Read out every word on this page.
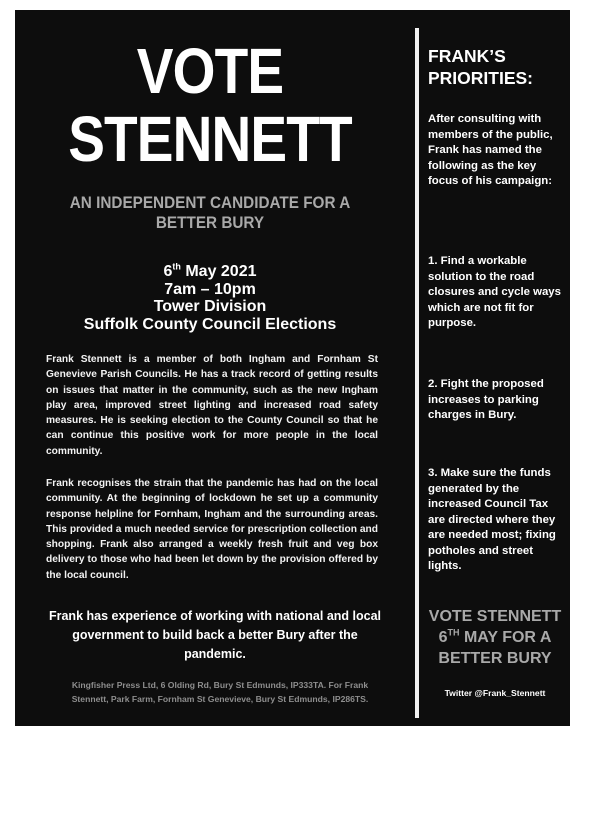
VOTE
STENNETT
AN INDEPENDENT CANDIDATE FOR A BETTER BURY
6th May 2021
7am – 10pm
Tower Division
Suffolk County Council Elections
Frank Stennett is a member of both Ingham and Fornham St Genevieve Parish Councils. He has a track record of getting results on issues that matter in the community, such as the new Ingham play area, improved street lighting and increased road safety measures. He is seeking election to the County Council so that he can continue this positive work for more people in the local community.
Frank recognises the strain that the pandemic has had on the local community. At the beginning of lockdown he set up a community response helpline for Fornham, Ingham and the surrounding areas. This provided a much needed service for prescription collection and shopping. Frank also arranged a weekly fresh fruit and veg box delivery to those who had been let down by the provision offered by the local council.
Frank has experience of working with national and local government to build back a better Bury after the pandemic.
Kingfisher Press Ltd, 6 Olding Rd, Bury St Edmunds, IP333TA. For Frank Stennett, Park Farm, Fornham St Genevieve, Bury St Edmunds, IP286TS.
FRANK’S PRIORITIES:
After consulting with members of the public, Frank has named the following as the key focus of his campaign:
1. Find a workable solution to the road closures and cycle ways which are not fit for purpose.
2. Fight the proposed increases to parking charges in Bury.
3. Make sure the funds generated by the increased Council Tax are directed where they are needed most; fixing potholes and street lights.
VOTE STENNETT
6TH MAY FOR A
BETTER BURY
Twitter @Frank_Stennett
